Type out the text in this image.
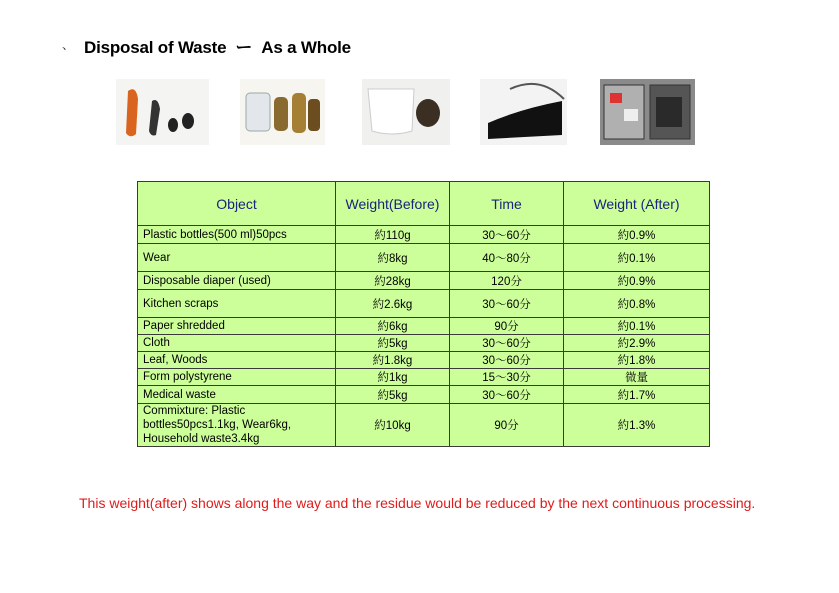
、 Disposal of Waste  ー  As a Whole
Object	Weight(Before)	Time	Weight (After)
Plastic bottles(500 ml)50pcs	約110g	30〜60分	約0.9%
Wear	約8kg	40〜80分	約0.1%
Disposable diaper (used)	約28kg	120分	約0.9%
Kitchen scraps	約2.6kg	30〜60分	約0.8%
Paper shredded	約6kg	90分	約0.1%
Cloth	約5kg	30〜60分	約2.9%
Leaf, Woods	約1.8kg	30〜60分	約1.8%
Form polystyrene	約1kg	15〜30分	微量
Medical waste	約5kg	30〜60分	約1.7%
Commixture: Plastic
bottles50pcs1.1kg, Wear6kg,
Household waste3.4kg	約10kg	90分	約1.3%
This weight(after) shows along the way and the residue would be reduced by the next continuous processing.
